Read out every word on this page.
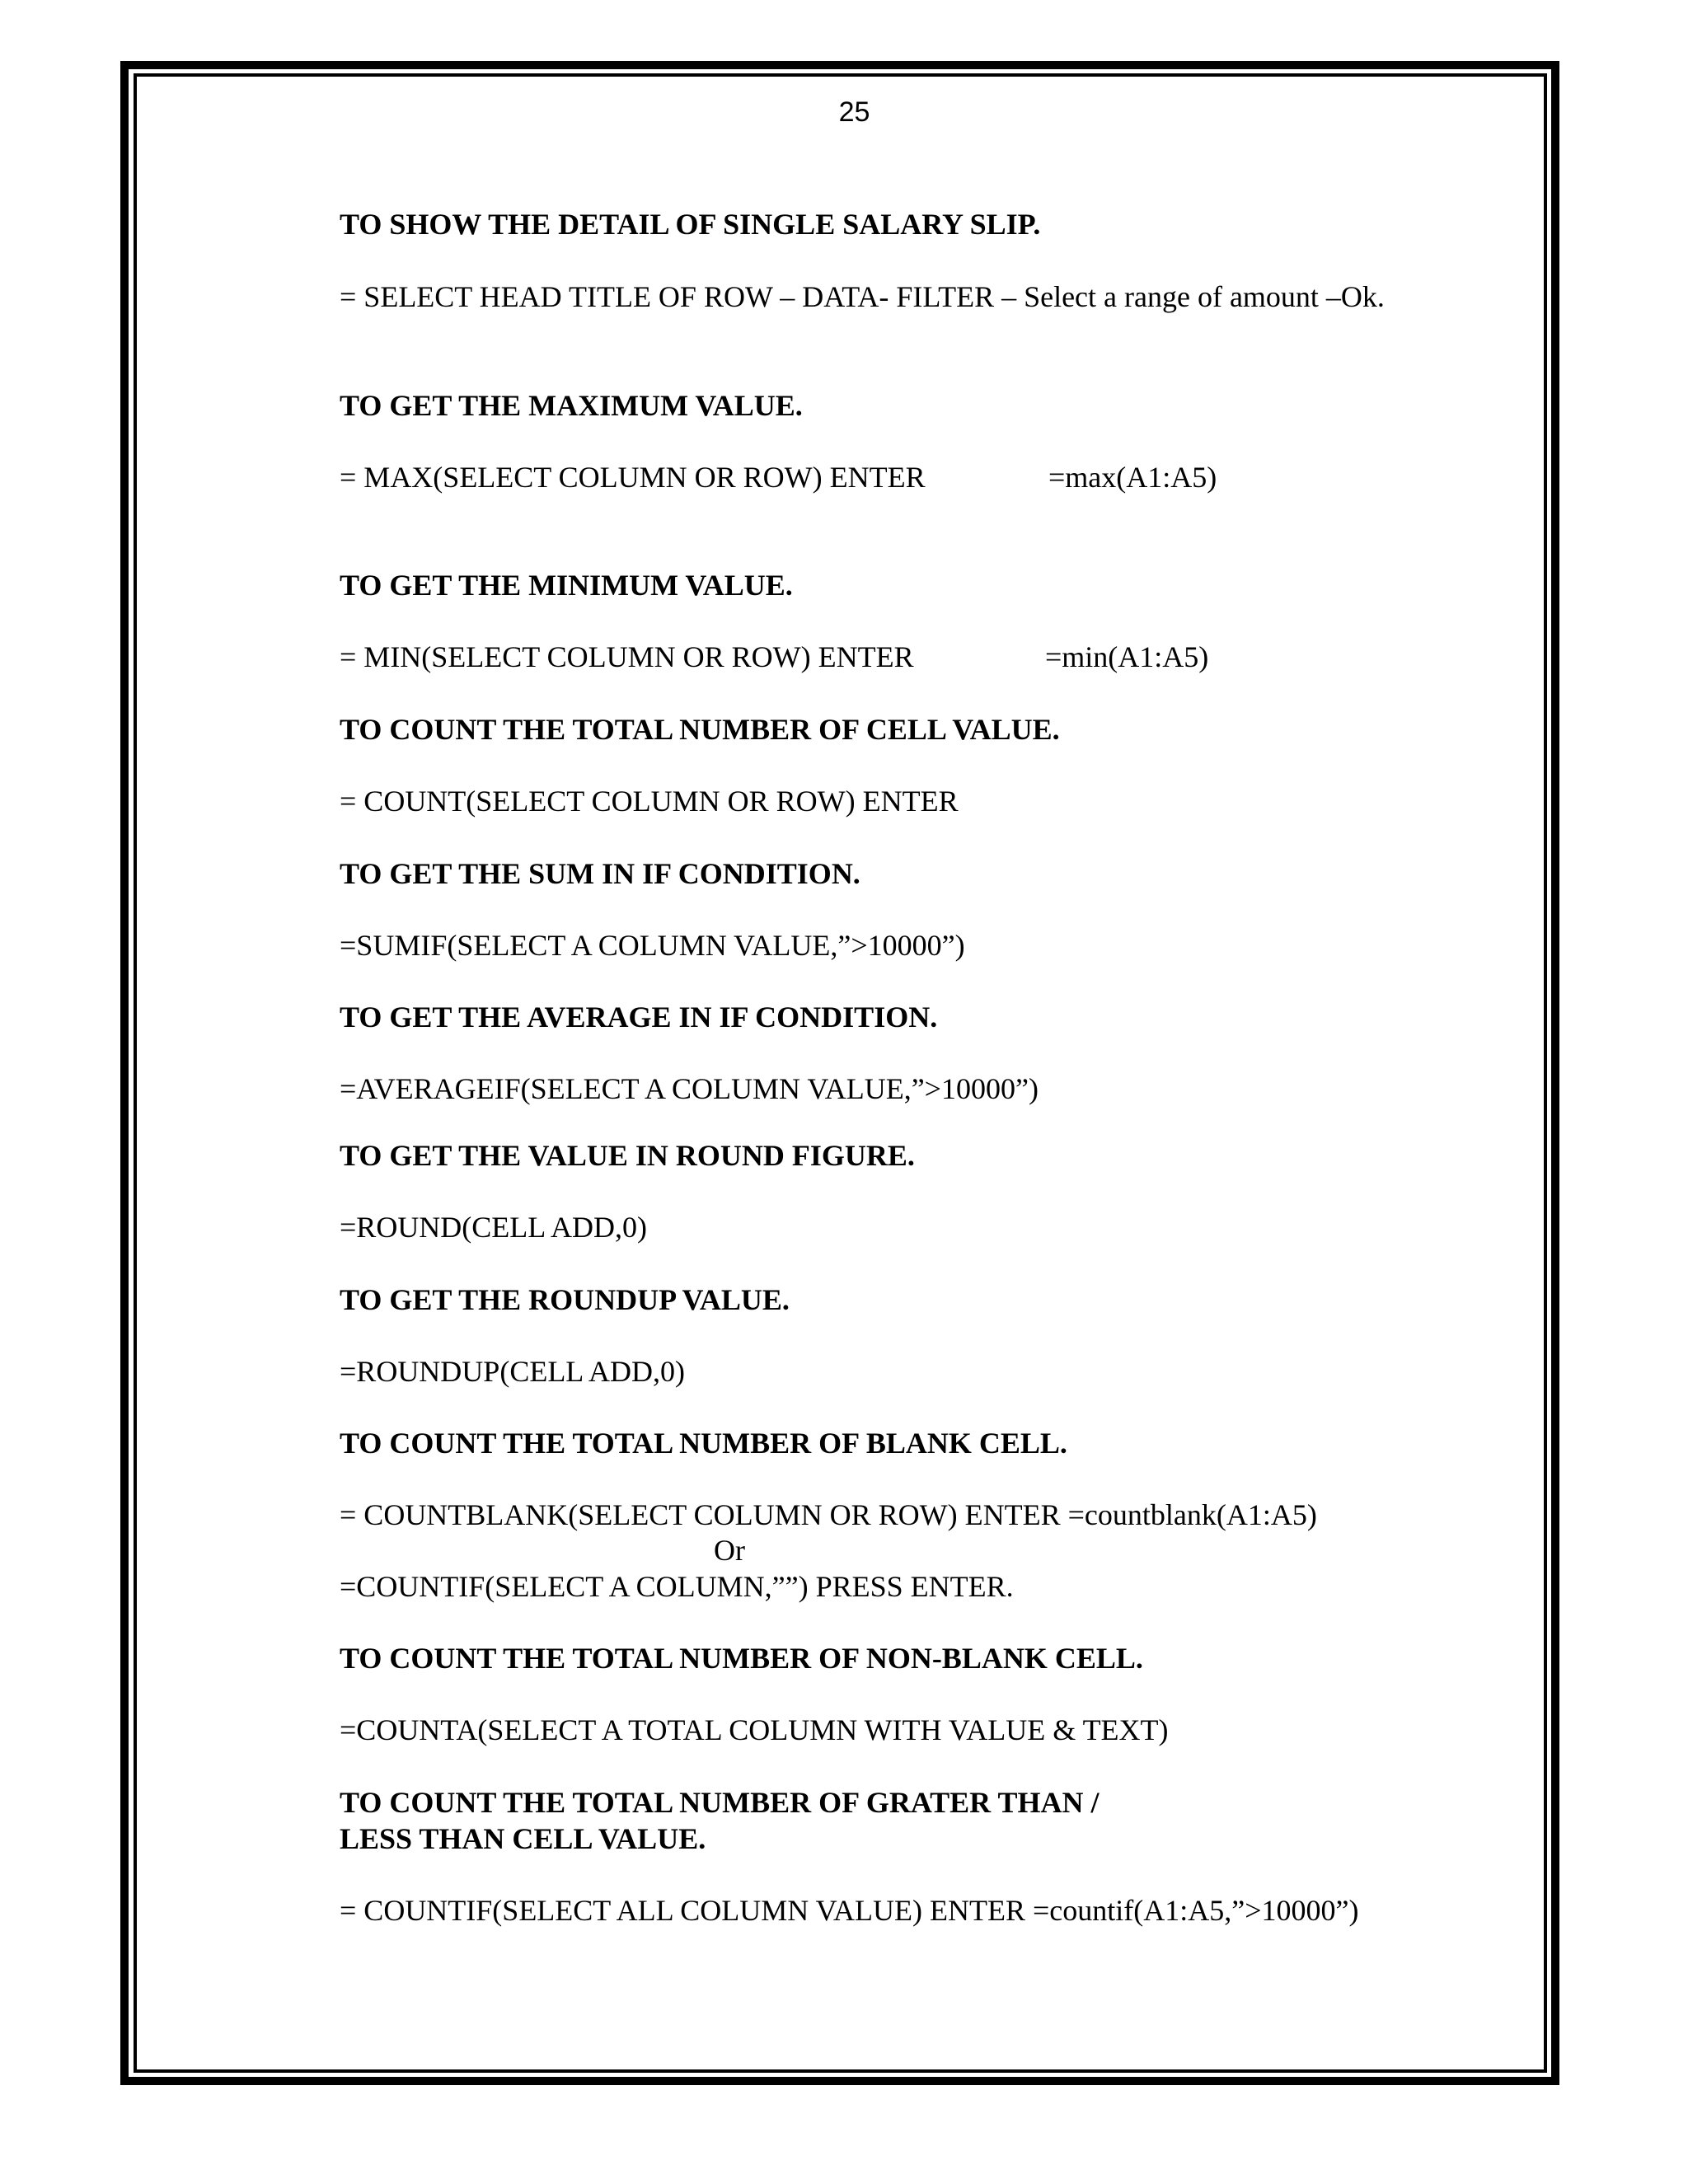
25
TO SHOW THE DETAIL OF SINGLE SALARY SLIP.
= SELECT HEAD TITLE OF ROW – DATA- FILTER – Select a range of amount –Ok.
TO GET THE MAXIMUM VALUE.
= MAX(SELECT COLUMN OR ROW) ENTER	=max(A1:A5)
TO GET THE MINIMUM VALUE.
= MIN(SELECT COLUMN OR ROW) ENTER	=min(A1:A5)
TO COUNT THE TOTAL NUMBER OF CELL VALUE.
= COUNT(SELECT COLUMN OR ROW) ENTER
TO GET THE SUM IN IF CONDITION.
=SUMIF(SELECT A COLUMN VALUE,”>10000”)
TO GET THE AVERAGE IN IF CONDITION.
=AVERAGEIF(SELECT A COLUMN VALUE,”>10000”)
TO GET THE VALUE IN ROUND FIGURE.
=ROUND(CELL ADD,0)
TO GET THE ROUNDUP VALUE.
=ROUNDUP(CELL ADD,0)
TO COUNT THE TOTAL NUMBER OF BLANK CELL.
= COUNTBLANK(SELECT COLUMN OR ROW) ENTER =countblank(A1:A5)
Or
=COUNTIF(SELECT A COLUMN,””) PRESS ENTER.
TO COUNT THE TOTAL NUMBER OF NON-BLANK CELL.
=COUNTA(SELECT A TOTAL COLUMN WITH VALUE & TEXT)
TO COUNT THE TOTAL NUMBER OF GRATER THAN /
LESS THAN CELL VALUE.
= COUNTIF(SELECT ALL COLUMN VALUE) ENTER =countif(A1:A5,”>10000”)
